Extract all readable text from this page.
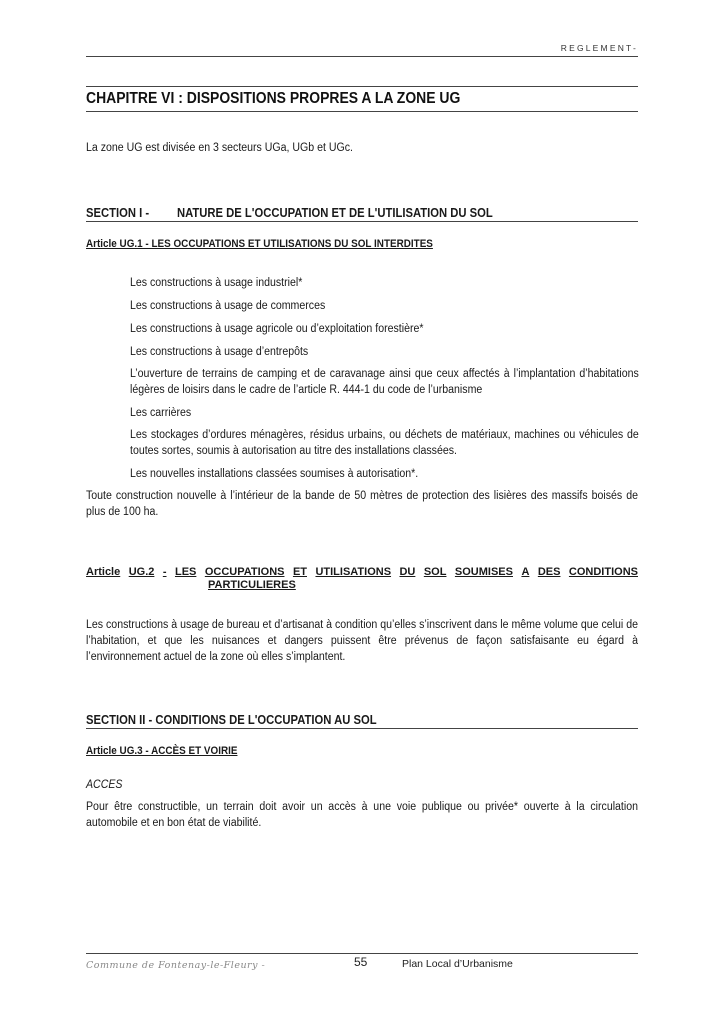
REGLEMENT-
CHAPITRE VI : DISPOSITIONS PROPRES A LA ZONE UG
La zone UG est divisée en 3 secteurs UGa, UGb et UGc.
SECTION I - NATURE DE L'OCCUPATION ET DE L'UTILISATION DU SOL
Article UG.1 - LES OCCUPATIONS ET UTILISATIONS DU SOL INTERDITES
Les constructions à usage industriel*
Les constructions à usage de commerces
Les constructions à usage agricole ou d’exploitation forestière*
Les constructions à usage d’entrepôts
L’ouverture de terrains de camping et de caravanage ainsi que ceux affectés à l’implantation d’habitations légères de loisirs dans le cadre de l’article R. 444-1 du code de l’urbanisme
Les carrières
Les stockages d’ordures ménagères, résidus urbains, ou déchets de matériaux, machines ou véhicules de toutes sortes, soumis à autorisation au titre des installations classées.
Les nouvelles installations classées soumises à autorisation*.
Toute construction nouvelle à l’intérieur de la bande de 50 mètres de protection des lisières des massifs boisés de plus de 100 ha.
Article UG.2 - LES OCCUPATIONS ET UTILISATIONS DU SOL SOUMISES A DES CONDITIONS
PARTICULIERES
Les constructions à usage de bureau et d’artisanat à condition qu’elles s’inscrivent dans le même volume que celui de l’habitation, et que les nuisances et dangers puissent être prévenus de façon satisfaisante eu égard à l’environnement actuel de la zone où elles s’implantent.
SECTION II - CONDITIONS DE L'OCCUPATION AU SOL
Article UG.3 - ACCÈS ET VOIRIE
ACCES
Pour être constructible, un terrain doit avoir un accès à une voie publique ou privée* ouverte à la circulation automobile et en bon état de viabilité.
Commune de Fontenay-le-Fleury -	55	Plan Local d’Urbanisme
